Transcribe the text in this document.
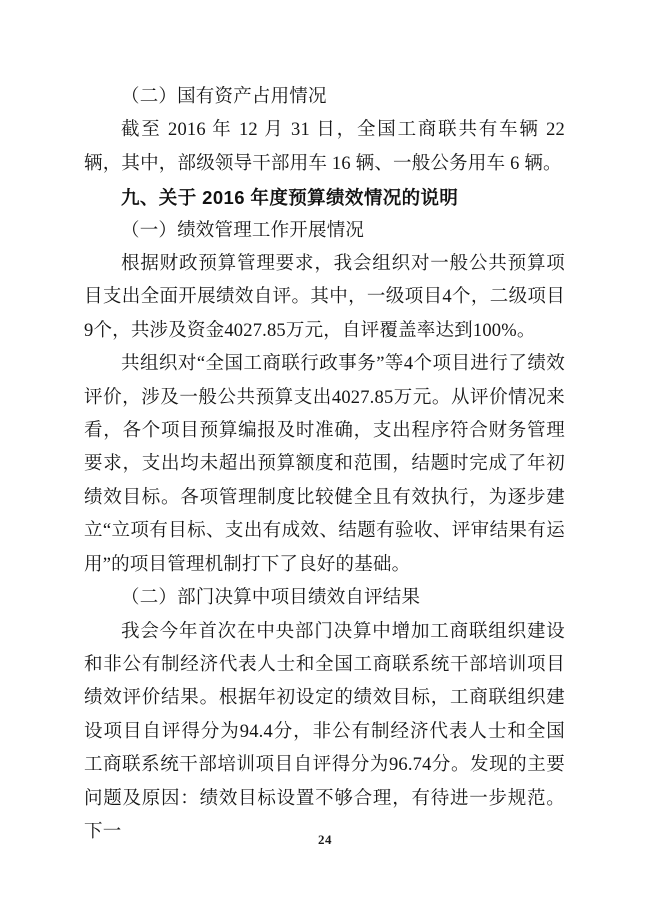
（二）国有资产占用情况

截至 2016 年 12 月 31 日，全国工商联共有车辆 22 辆，其中，部级领导干部用车 16 辆、一般公务用车 6 辆。

九、关于 2016 年度预算绩效情况的说明

（一）绩效管理工作开展情况

根据财政预算管理要求，我会组织对一般公共预算项目支出全面开展绩效自评。其中，一级项目4个，二级项目9个，共涉及资金4027.85万元，自评覆盖率达到100%。

共组织对“全国工商联行政事务”等4个项目进行了绩效评价，涉及一般公共预算支出4027.85万元。从评价情况来看，各个项目预算编报及时准确，支出程序符合财务管理要求，支出均未超出预算额度和范围，结题时完成了年初绩效目标。各项管理制度比较健全且有效执行，为逐步建立“立项有目标、支出有成效、结题有验收、评审结果有运用”的项目管理机制打下了良好的基础。

（二）部门决算中项目绩效自评结果

我会今年首次在中央部门决算中增加工商联组织建设和非公有制经济代表人士和全国工商联系统干部培训项目绩效评价结果。根据年初设定的绩效目标，工商联组织建设项目自评得分为94.4分，非公有制经济代表人士和全国工商联系统干部培训项目自评得分为96.74分。发现的主要问题及原因：绩效目标设置不够合理，有待进一步规范。下一	24
